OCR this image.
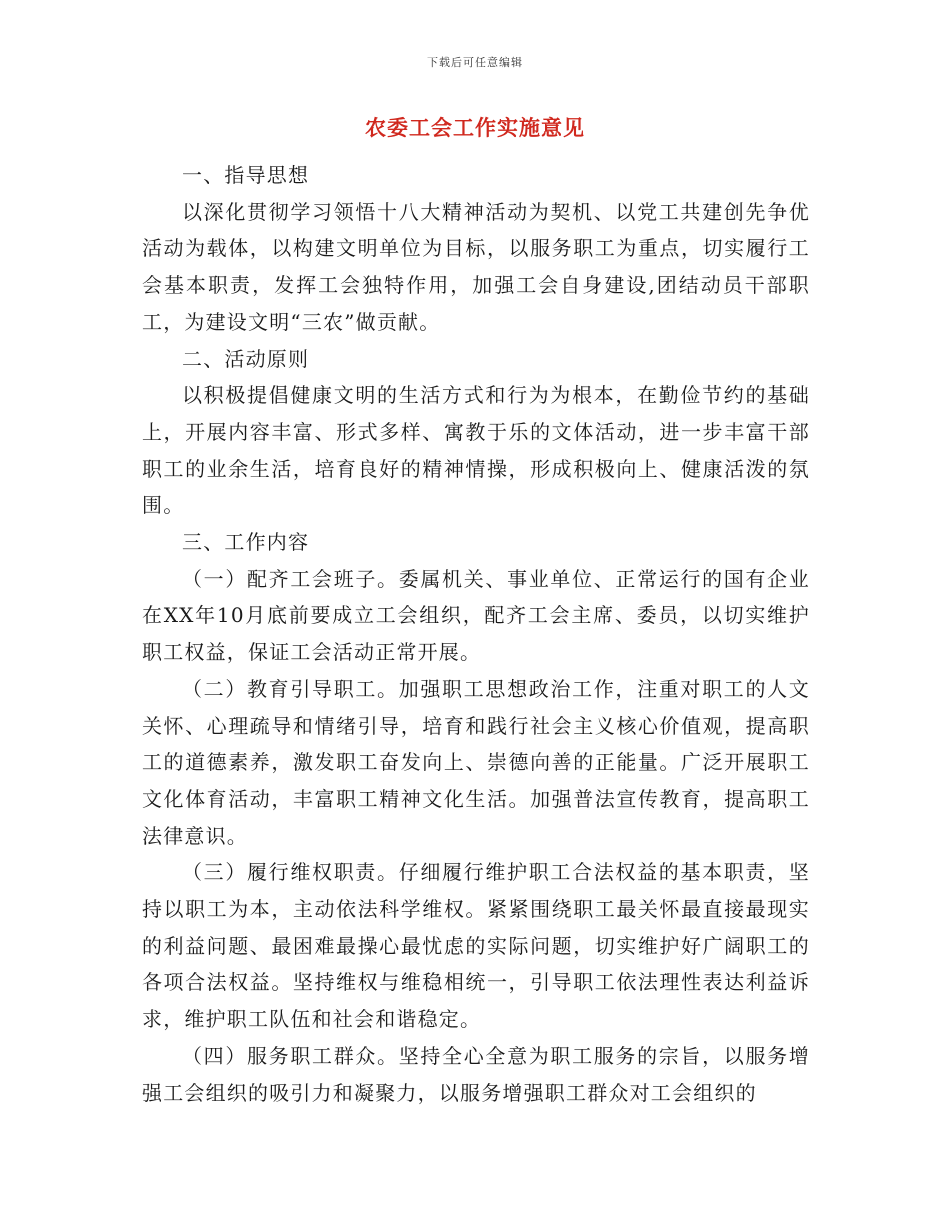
下载后可任意编辑
农委工会工作实施意见

一、指导思想

以深化贯彻学习领悟十八大精神活动为契机、以党工共建创先争优活动为载体，以构建文明单位为目标，以服务职工为重点，切实履行工会基本职责，发挥工会独特作用，加强工会自身建设,团结动员干部职工，为建设文明“三农”做贡献。

二、活动原则

以积极提倡健康文明的生活方式和行为为根本，在勤俭节约的基础上，开展内容丰富、形式多样、寓教于乐的文体活动，进一步丰富干部职工的业余生活，培育良好的精神情操，形成积极向上、健康活泼的氛围。

三、工作内容

（一）配齐工会班子。委属机关、事业单位、正常运行的国有企业在XX年10月底前要成立工会组织，配齐工会主席、委员，以切实维护职工权益，保证工会活动正常开展。

（二）教育引导职工。加强职工思想政治工作，注重对职工的人文关怀、心理疏导和情绪引导，培育和践行社会主义核心价值观，提高职工的道德素养，激发职工奋发向上、崇德向善的正能量。广泛开展职工文化体育活动，丰富职工精神文化生活。加强普法宣传教育，提高职工法律意识。

（三）履行维权职责。仔细履行维护职工合法权益的基本职责，坚持以职工为本，主动依法科学维权。紧紧围绕职工最关怀最直接最现实的利益问题、最困难最操心最忧虑的实际问题，切实维护好广阔职工的各项合法权益。坚持维权与维稳相统一，引导职工依法理性表达利益诉求，维护职工队伍和社会和谐稳定。

（四）服务职工群众。坚持全心全意为职工服务的宗旨，以服务增强工会组织的吸引力和凝聚力，以服务增强职工群众对工会组织的
